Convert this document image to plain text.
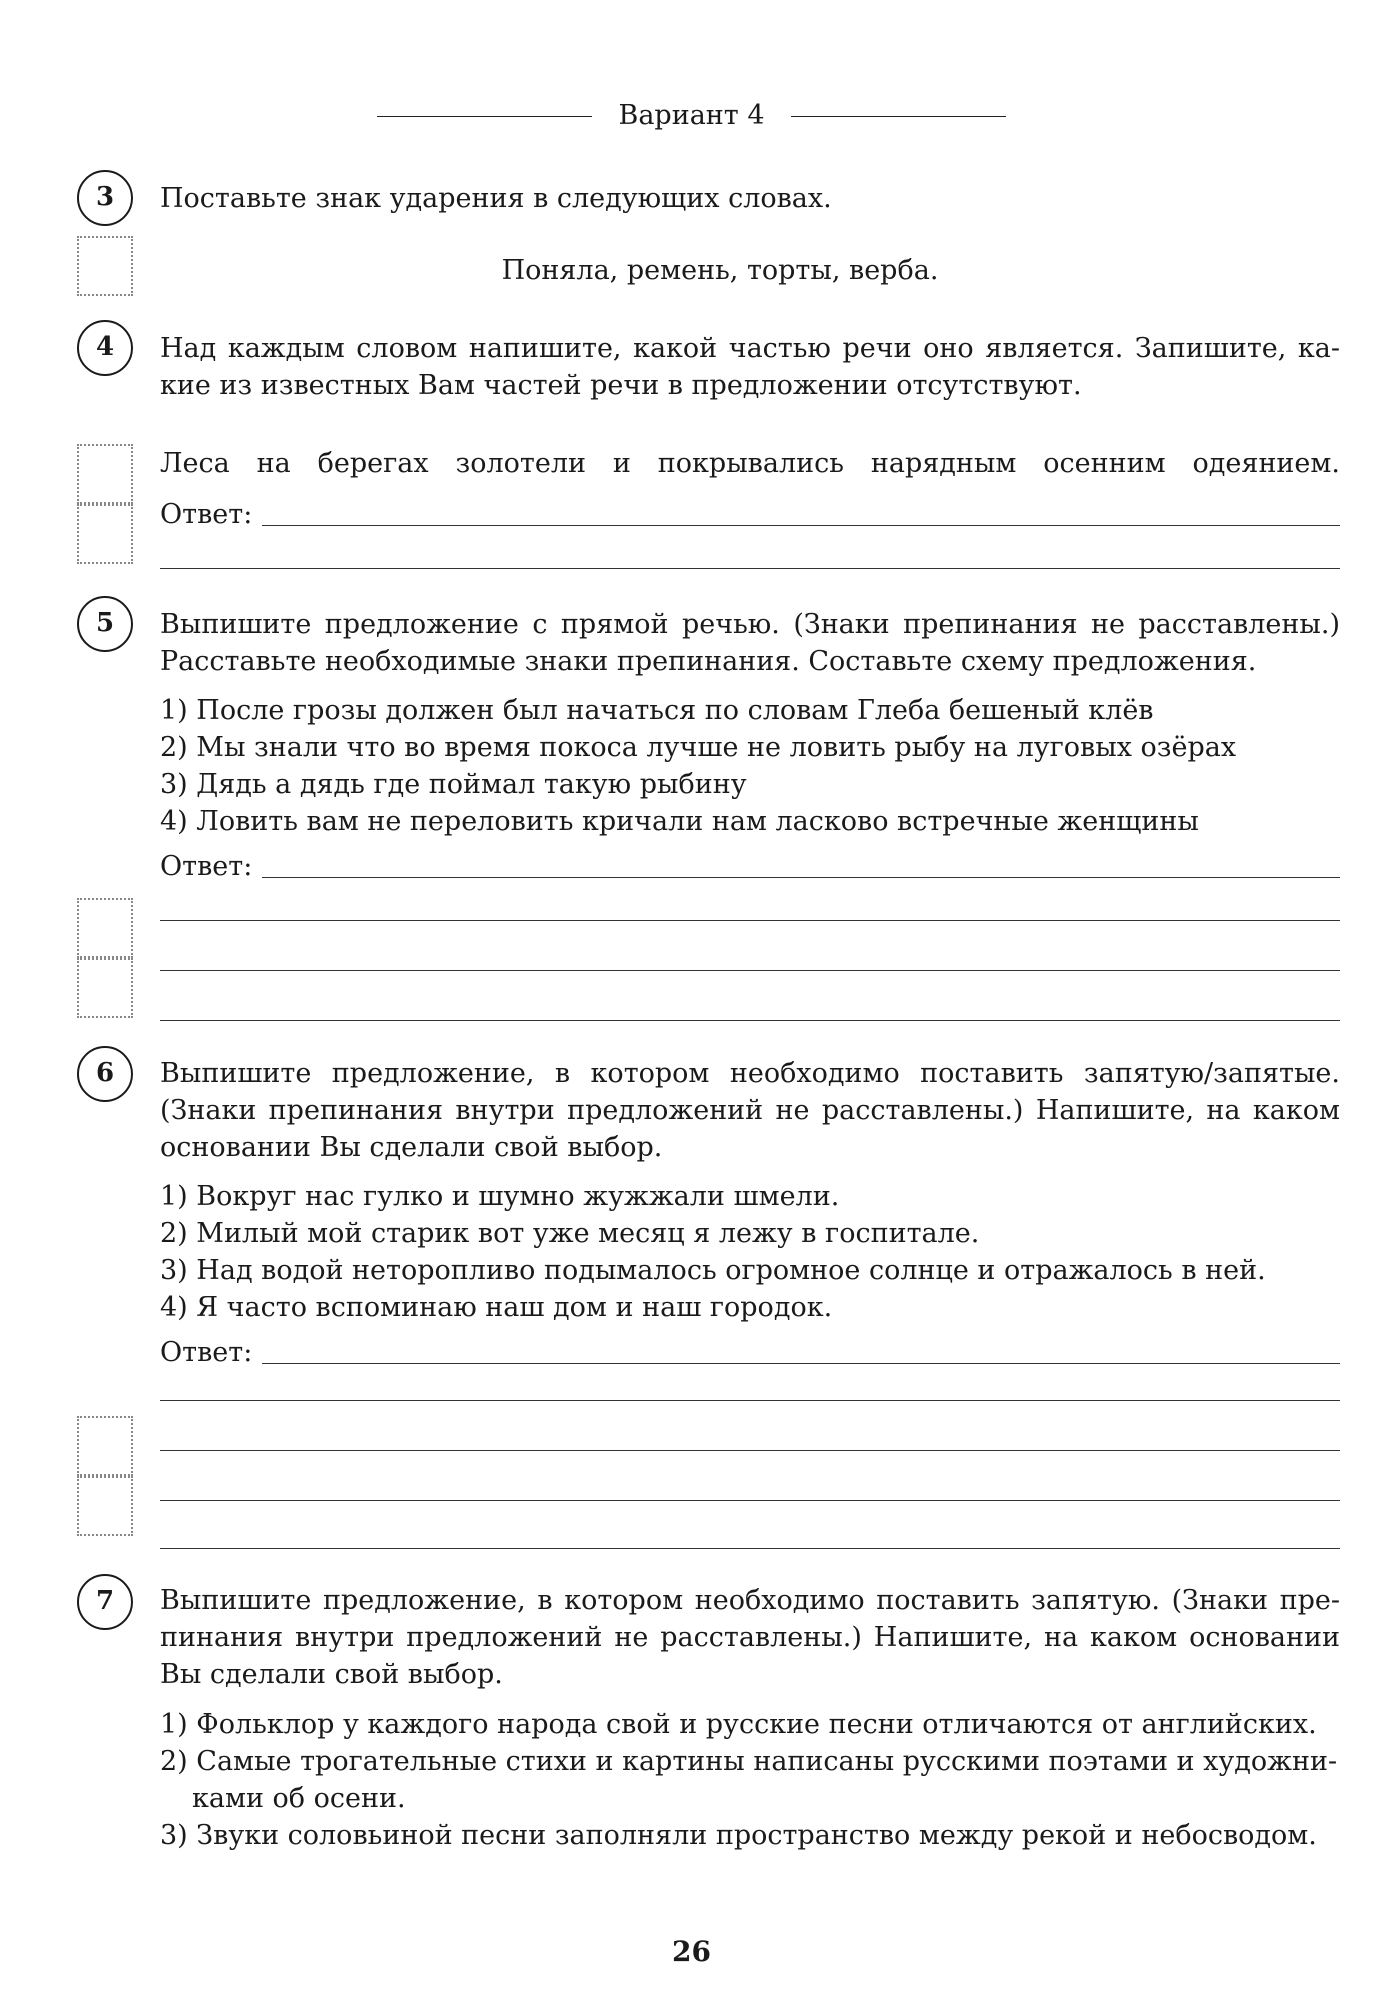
Вариант 4
3	Поставьте знак ударения в следующих словах.
Поняла, ремень, торты, верба.
4	Над каждым словом напишите, какой частью речи оно является. Запишите, ка-
кие из известных Вам частей речи в предложении отсутствуют.
Леса на берегах золотели и покрывались нарядным осенним одеянием.
Ответ:
5	Выпишите предложение с прямой речью. (Знаки препинания не расставлены.)
Расставьте необходимые знаки препинания. Составьте схему предложения.
1) После грозы должен был начаться по словам Глеба бешеный клёв
2) Мы знали что во время покоса лучше не ловить рыбу на луговых озёрах
3) Дядь а дядь где поймал такую рыбину
4) Ловить вам не переловить кричали нам ласково встречные женщины
Ответ:
6	Выпишите предложение, в котором необходимо поставить запятую/запятые.
(Знаки препинания внутри предложений не расставлены.) Напишите, на каком
основании Вы сделали свой выбор.
1) Вокруг нас гулко и шумно жужжали шмели.
2) Милый мой старик вот уже месяц я лежу в госпитале.
3) Над водой неторопливо подымалось огромное солнце и отражалось в ней.
4) Я часто вспоминаю наш дом и наш городок.
Ответ:
7	Выпишите предложение, в котором необходимо поставить запятую. (Знаки пре-
пинания внутри предложений не расставлены.) Напишите, на каком основании
Вы сделали свой выбор.
1) Фольклор у каждого народа свой и русские песни отличаются от английских.
2) Самые трогательные стихи и картины написаны русскими поэтами и художни-
ками об осени.
3) Звуки соловьиной песни заполняли пространство между рекой и небосводом.
26
